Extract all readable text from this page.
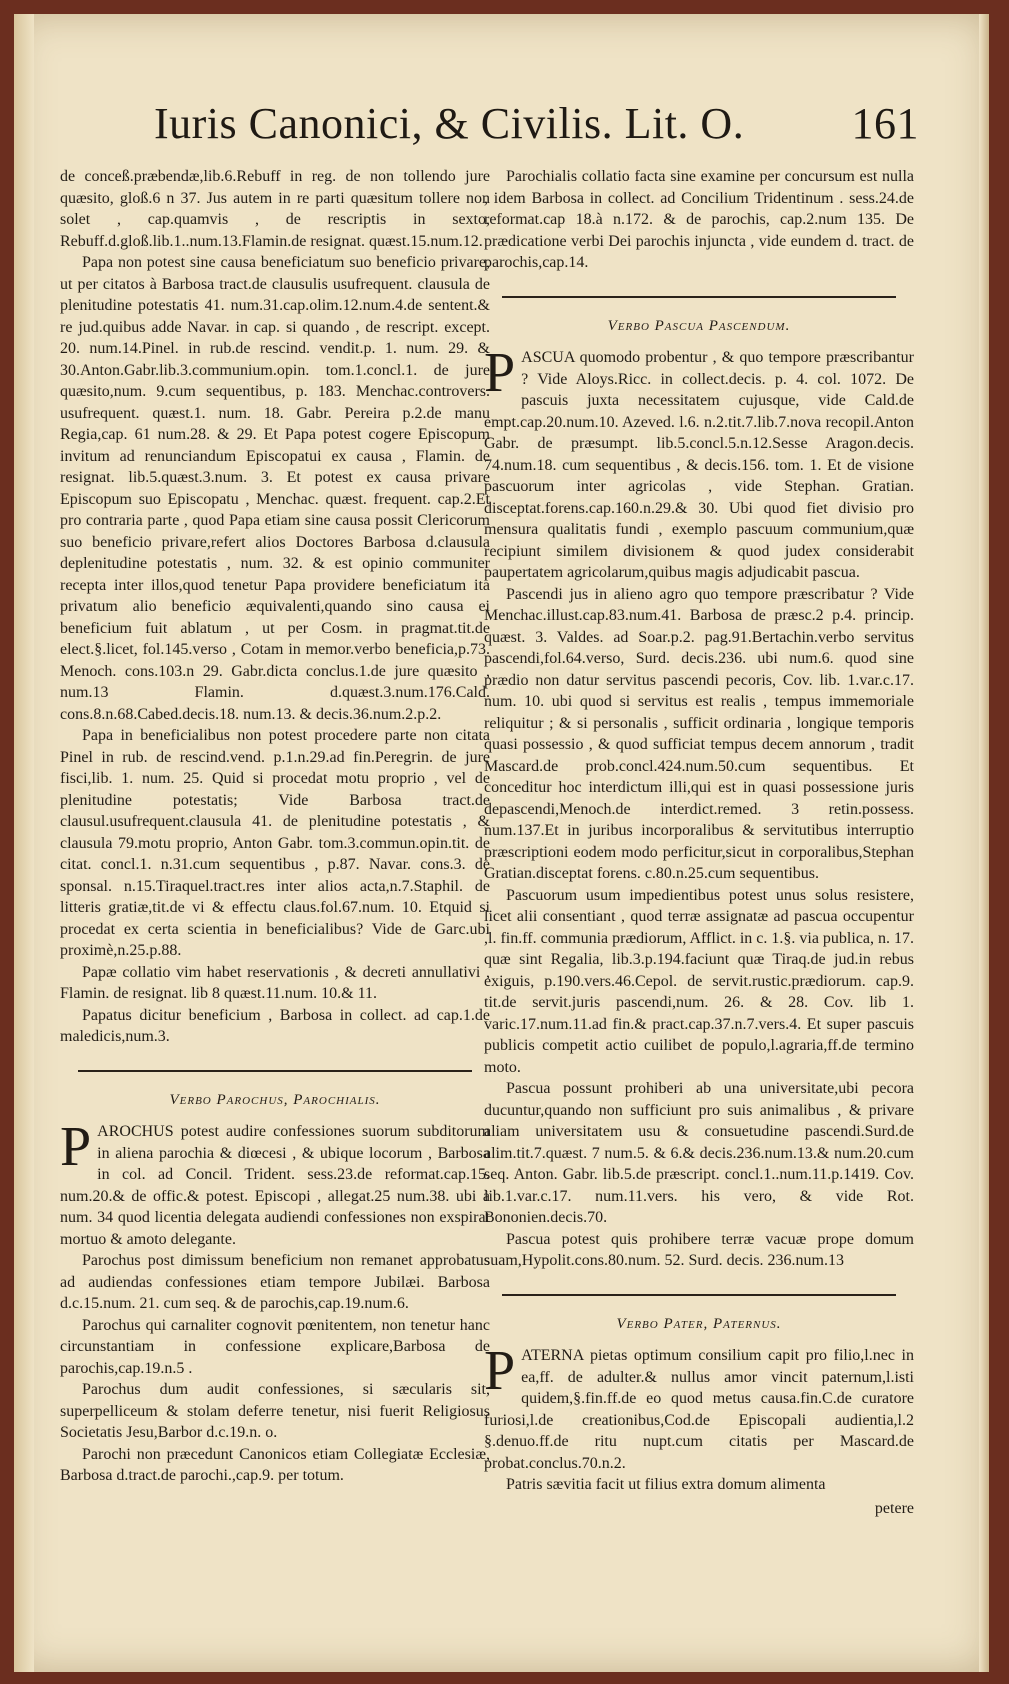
Iuris Canonici, & Civilis. Lit. O. 161

de conceß.præbendæ,lib.6.Rebuff in reg. de non tollendo jure quæsito, gloß.6 n 37. Jus autem in re parti quæsitum tollere non solet , cap.quamvis , de rescriptis in sexto, Rebuff.d.gloß.lib.1..num.13.Flamin.de resignat. quæst.15.num.12.

Papa non potest sine causa beneficiatum suo beneficio privare, ut per citatos à Barbosa tract.de clausulis usufrequent. clausula de plenitudine potestatis 41. num.31.cap.olim.12.num.4.de sentent.& re jud.quibus adde Navar. in cap. si quando , de rescript. except. 20. num.14.Pinel. in rub.de rescind. vendit.p. 1. num. 29. & 30.Anton.Gabr.lib.3.communium.opin. tom.1.concl.1. de jure quæsito,num. 9.cum sequentibus, p. 183. Menchac.controvers. usufrequent. quæst.1. num. 18. Gabr. Pereira p.2.de manu Regia,cap. 61 num.28. & 29. Et Papa potest cogere Episcopum invitum ad renunciandum Episcopatui ex causa , Flamin. de resignat. lib.5.quæst.3.num. 3. Et potest ex causa privare Episcopum suo Episcopatu , Menchac. quæst. frequent. cap.2.Et pro contraria parte , quod Papa etiam sine causa possit Clericorum suo beneficio privare,refert alios Doctores Barbosa d.clausula deplenitudine potestatis , num. 32. & est opinio communiter recepta inter illos,quod tenetur Papa providere beneficiatum ita privatum alio beneficio æquivalenti,quando sino causa ei beneficium fuit ablatum , ut per Cosm. in pragmat.tit.de elect.§.licet, fol.145.verso , Cotam in memor.verbo beneficia,p.73. Menoch. cons.103.n 29. Gabr.dicta conclus.1.de jure quæsito , num.13 Flamin. d.quæst.3.num.176.Cald. cons.8.n.68.Cabed.decis.18. num.13. & decis.36.num.2.p.2.

Papa in beneficialibus non potest procedere parte non citata Pinel in rub. de rescind.vend. p.1.n.29.ad fin.Peregrin. de jure fisci,lib. 1. num. 25. Quid si procedat motu proprio , vel de plenitudine potestatis; Vide Barbosa tract.de clausul.usufrequent.clausula 41. de plenitudine potestatis , & clausula 79.motu proprio, Anton Gabr. tom.3.commun.opin.tit. de citat. concl.1. n.31.cum sequentibus , p.87. Navar. cons.3. de sponsal. n.15.Tiraquel.tract.res inter alios acta,n.7.Staphil. de litteris gratiæ,tit.de vi & effectu claus.fol.67.num. 10. Etquid si procedat ex certa scientia in beneficialibus? Vide de Garc.ubi proximè,n.25.p.88.

Papæ collatio vim habet reservationis , & decreti annullativi , Flamin. de resignat. lib 8 quæst.11.num. 10.& 11.

Papatus dicitur beneficium , Barbosa in collect. ad cap.1.de maledicis,num.3.

Verbo Parochus, Parochialis.

PAROCHUS potest audire confessiones suorum subditorum in aliena parochia & diœcesi , & ubique locorum , Barbosa in col. ad Concil. Trident. sess.23.de reformat.cap.15. num.20.& de offic.& potest. Episcopi , allegat.25 num.38. ubi à num. 34 quod licentia delegata audiendi confessiones non exspirat mortuo & amoto delegante.

Parochus post dimissum beneficium non remanet approbatus ad audiendas confessiones etiam tempore Jubilæi. Barbosa d.c.15.num. 21. cum seq. & de parochis,cap.19.num.6.

Parochus qui carnaliter cognovit pœnitentem, non tenetur hanc circunstantiam in confessione explicare,Barbosa de parochis,cap.19.n.5 .

Parochus dum audit confessiones, si sæcularis sit, superpelliceum & stolam deferre tenetur, nisi fuerit Religiosus Societatis Jesu,Barbor d.c.19.n. o.

Parochi non præcedunt Canonicos etiam Collegiatæ Ecclesiæ, Barbosa d.tract.de parochi.,cap.9. per totum.

Parochialis collatio facta sine examine per concursum est nulla , idem Barbosa in collect. ad Concilium Tridentinum . sess.24.de reformat.cap 18.à n.172. & de parochis, cap.2.num 135. De prædicatione verbi Dei parochis injuncta , vide eundem d. tract. de parochis,cap.14.

Verbo Pascua Pascendum.

PASCUA quomodo probentur , & quo tempore præscribantur ? Vide Aloys.Ricc. in collect.decis. p. 4. col. 1072. De pascuis juxta necessitatem cujusque, vide Cald.de empt.cap.20.num.10. Azeved. l.6. n.2.tit.7.lib.7.nova recopil.Anton Gabr. de præsumpt. lib.5.concl.5.n.12.Sesse Aragon.decis. 74.num.18. cum sequentibus , & decis.156. tom. 1. Et de visione pascuorum inter agricolas , vide Stephan. Gratian. disceptat.forens.cap.160.n.29.& 30. Ubi quod fiet divisio pro mensura qualitatis fundi , exemplo pascuum communium,quæ recipiunt similem divisionem & quod judex considerabit paupertatem agricolarum,quibus magis adjudicabit pascua.

Pascendi jus in alieno agro quo tempore præscribatur ? Vide Menchac.illust.cap.83.num.41. Barbosa de præsc.2 p.4. princip. quæst. 3. Valdes. ad Soar.p.2. pag.91.Bertachin.verbo servitus pascendi,fol.64.verso, Surd. decis.236. ubi num.6. quod sine prædio non datur servitus pascendi pecoris, Cov. lib. 1.var.c.17. num. 10. ubi quod si servitus est realis , tempus immemoriale reliquitur ; & si personalis , sufficit ordinaria , longique temporis quasi possessio , & quod sufficiat tempus decem annorum , tradit Mascard.de prob.concl.424.num.50.cum sequentibus. Et conceditur hoc interdictum illi,qui est in quasi possessione juris depascendi,Menoch.de interdict.remed. 3 retin.possess. num.137.Et in juribus incorporalibus & servitutibus interruptio præscriptioni eodem modo perficitur,sicut in corporalibus,Stephan Gratian.disceptat forens. c.80.n.25.cum sequentibus.

Pascuorum usum impedientibus potest unus solus resistere, licet alii consentiant , quod terræ assignatæ ad pascua occupentur ,l. fin.ff. communia prædiorum, Afflict. in c. 1.§. via publica, n. 17. quæ sint Regalia, lib.3.p.194.faciunt quæ Tiraq.de jud.in rebus exiguis, p.190.vers.46.Cepol. de servit.rustic.prædiorum. cap.9. tit.de servit.juris pascendi,num. 26. & 28. Cov. lib 1. varic.17.num.11.ad fin.& pract.cap.37.n.7.vers.4. Et super pascuis publicis competit actio cuilibet de populo,l.agraria,ff.de termino moto.

Pascua possunt prohiberi ab una universitate,ubi pecora ducuntur,quando non sufficiunt pro suis animalibus , & privare aliam universitatem usu & consuetudine pascendi.Surd.de alim.tit.7.quæst. 7 num.5. & 6.& decis.236.num.13.& num.20.cum seq. Anton. Gabr. lib.5.de præscript. concl.1..num.11.p.1419. Cov. lib.1.var.c.17. num.11.vers. his vero, & vide Rot. Bononien.decis.70.

Pascua potest quis prohibere terræ vacuæ prope domum suam,Hypolit.cons.80.num. 52. Surd. decis. 236.num.13

Verbo Pater, Paternus.

PATERNA pietas optimum consilium capit pro filio,l.nec in ea,ff. de adulter.& nullus amor vincit paternum,l.isti quidem,§.fin.ff.de eo quod metus causa.fin.C.de curatore furiosi,l.de creationibus,Cod.de Episcopali audientia,l.2 §.denuo.ff.de ritu nupt.cum citatis per Mascard.de probat.conclus.70.n.2.

Patris sævitia facit ut filius extra domum alimenta

petere
